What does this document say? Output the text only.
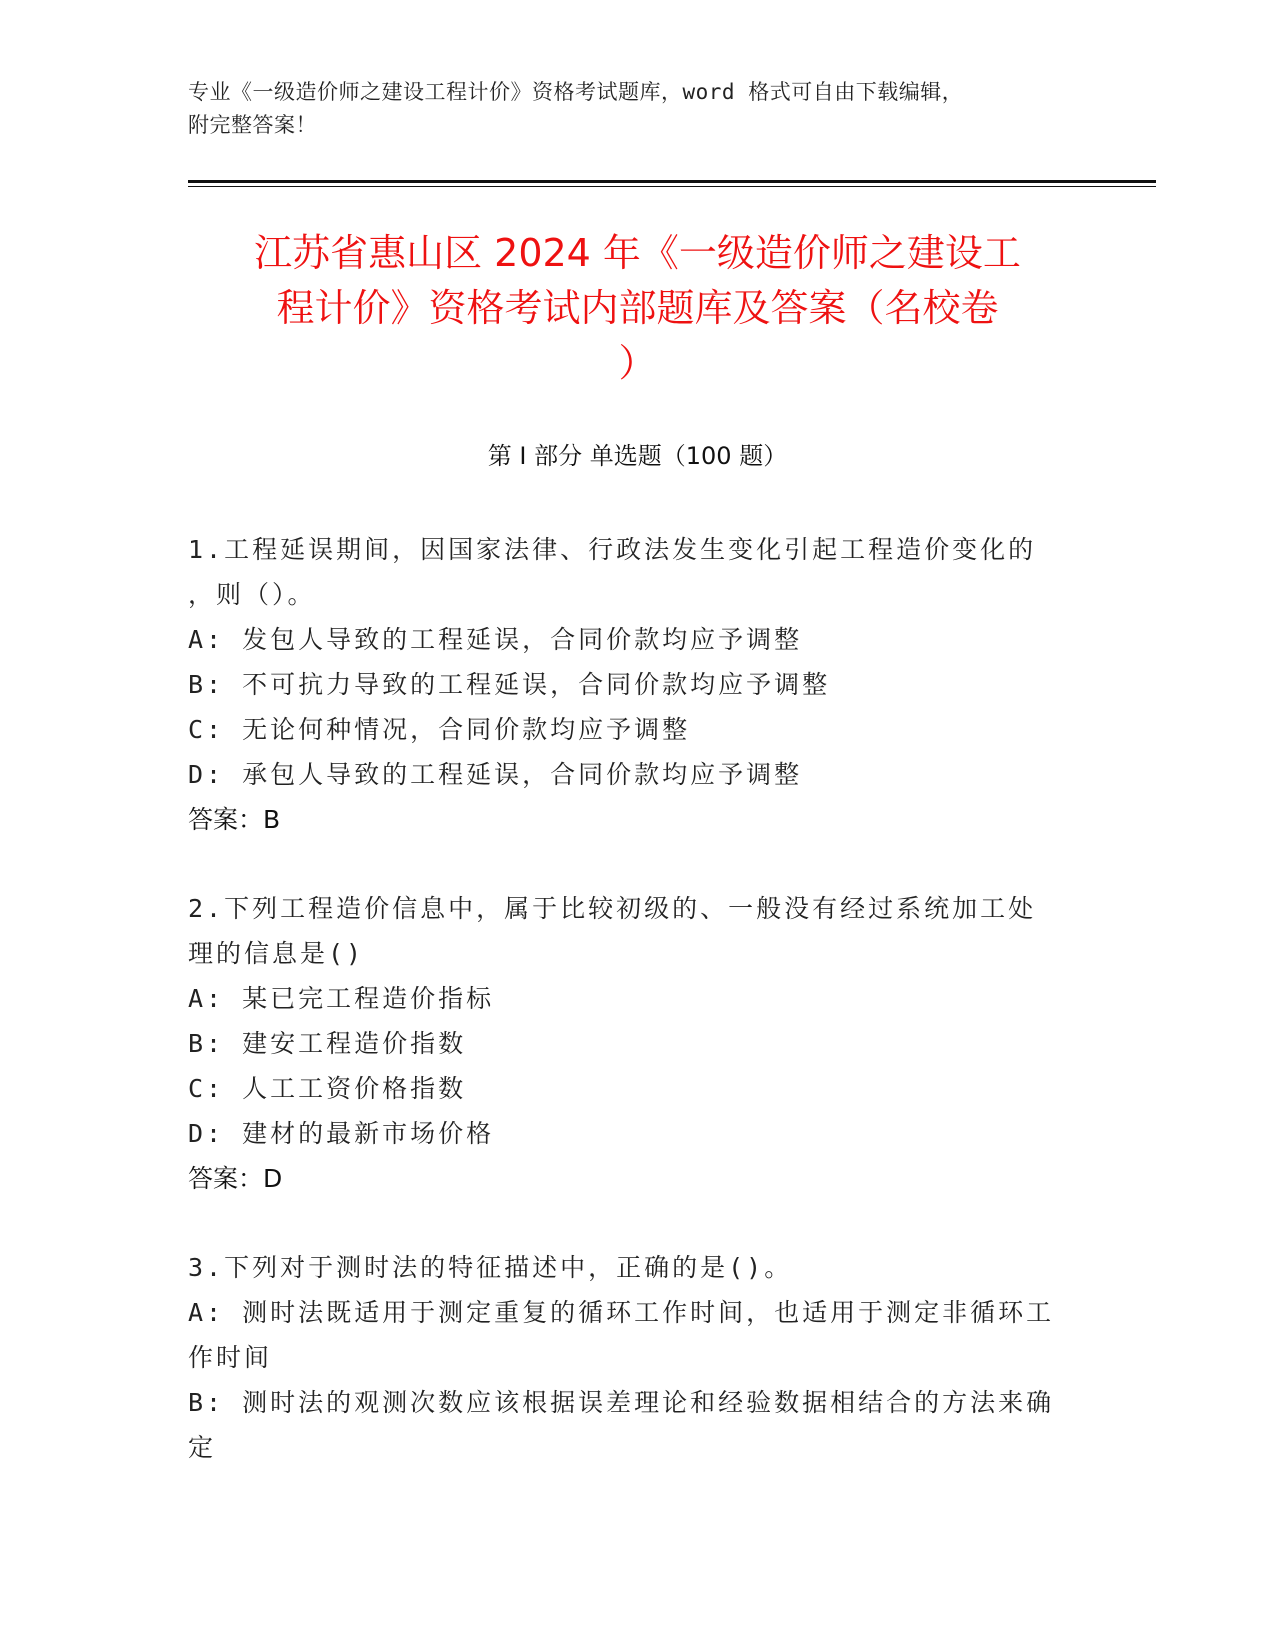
专业《一级造价师之建设工程计价》资格考试题库，word 格式可自由下载编辑，
附完整答案！
江苏省惠山区 2024 年《一级造价师之建设工
程计价》资格考试内部题库及答案（名校卷
）
第 I 部分 单选题（100 题）
1.工程延误期间，因国家法律、行政法发生变化引起工程造价变化的
，则（）。
A: 发包人导致的工程延误，合同价款均应予调整
B: 不可抗力导致的工程延误，合同价款均应予调整
C: 无论何种情况，合同价款均应予调整
D: 承包人导致的工程延误，合同价款均应予调整
答案：B
2.下列工程造价信息中，属于比较初级的、一般没有经过系统加工处
理的信息是()
A: 某已完工程造价指标
B: 建安工程造价指数
C: 人工工资价格指数
D: 建材的最新市场价格
答案：D
3.下列对于测时法的特征描述中，正确的是()。
A: 测时法既适用于测定重复的循环工作时间，也适用于测定非循环工
作时间
B: 测时法的观测次数应该根据误差理论和经验数据相结合的方法来确
定
